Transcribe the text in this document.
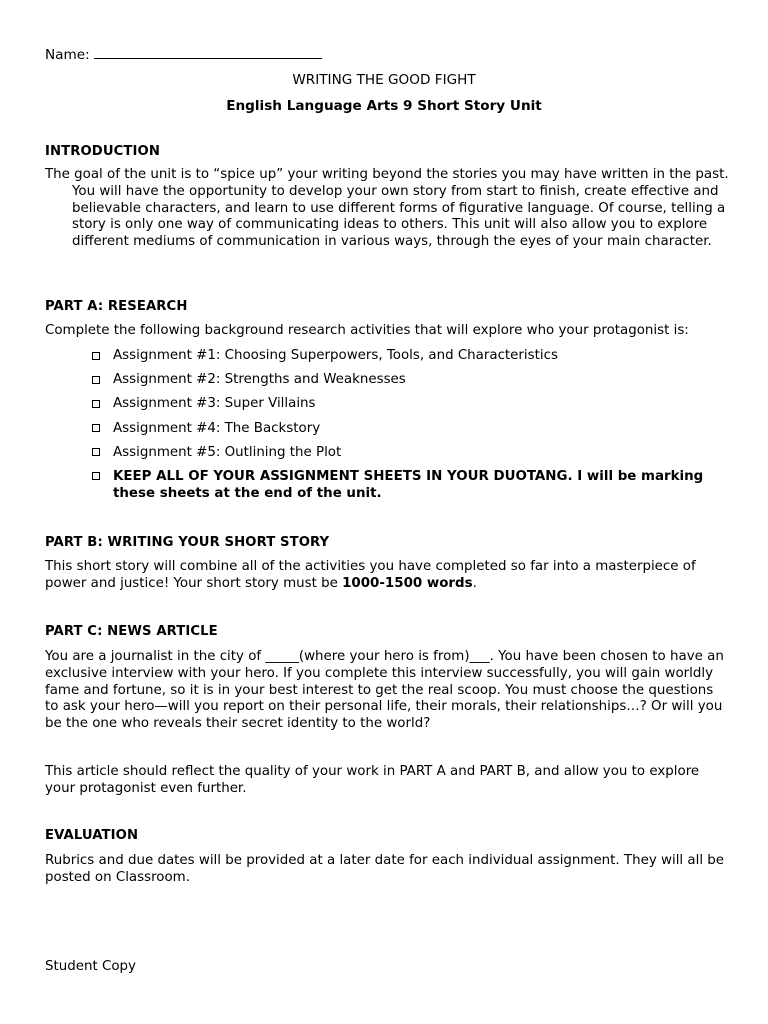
Name:
WRITING THE GOOD FIGHT
English Language Arts 9 Short Story Unit
INTRODUCTION
The goal of the unit is to “spice up” your writing beyond the stories you may have written in the past. You will have the opportunity to develop your own story from start to finish, create effective and believable characters, and learn to use different forms of figurative language. Of course, telling a story is only one way of communicating ideas to others. This unit will also allow you to explore different mediums of communication in various ways, through the eyes of your main character.
PART A: RESEARCH
Complete the following background research activities that will explore who your protagonist is:
Assignment #1: Choosing Superpowers, Tools, and Characteristics
Assignment #2: Strengths and Weaknesses
Assignment #3: Super Villains
Assignment #4: The Backstory
Assignment #5: Outlining the Plot
KEEP ALL OF YOUR ASSIGNMENT SHEETS IN YOUR DUOTANG. I will be marking these sheets at the end of the unit.
PART B: WRITING YOUR SHORT STORY
This short story will combine all of the activities you have completed so far into a masterpiece of power and justice! Your short story must be 1000-1500 words.
PART C: NEWS ARTICLE
You are a journalist in the city of _____(where your hero is from)___. You have been chosen to have an exclusive interview with your hero. If you complete this interview successfully, you will gain worldly fame and fortune, so it is in your best interest to get the real scoop. You must choose the questions to ask your hero—will you report on their personal life, their morals, their relationships…? Or will you be the one who reveals their secret identity to the world?
This article should reflect the quality of your work in PART A and PART B, and allow you to explore your protagonist even further.
EVALUATION
Rubrics and due dates will be provided at a later date for each individual assignment. They will all be posted on Classroom.
Student Copy
